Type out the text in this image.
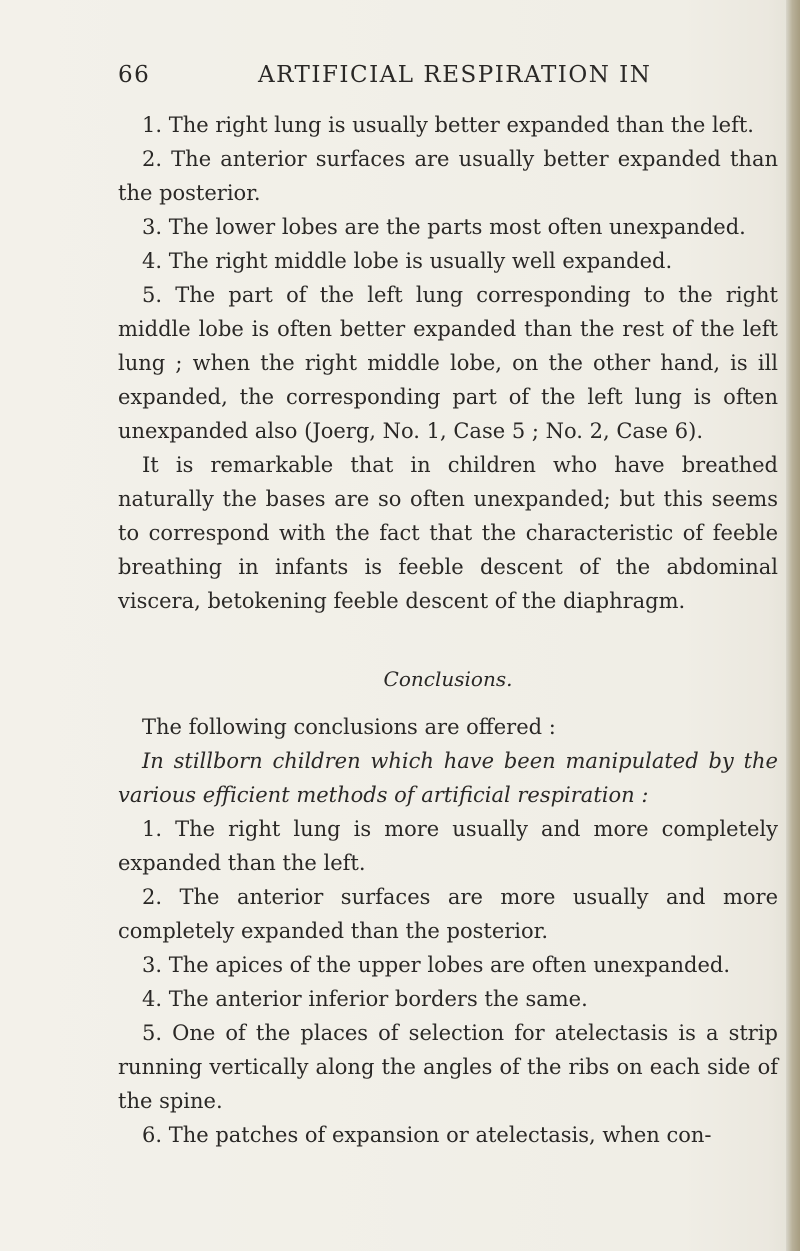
66	ARTIFICIAL RESPIRATION IN

1. The right lung is usually better expanded than the left.

2. The anterior surfaces are usually better expanded than the posterior.

3. The lower lobes are the parts most often unexpanded.

4. The right middle lobe is usually well expanded.

5. The part of the left lung corresponding to the right middle lobe is often better expanded than the rest of the left lung ; when the right middle lobe, on the other hand, is ill expanded, the corresponding part of the left lung is often unexpanded also (Joerg, No. 1, Case 5 ; No. 2, Case 6).

It is remarkable that in children who have breathed naturally the bases are so often unexpanded; but this seems to correspond with the fact that the characteristic of feeble breathing in infants is feeble descent of the abdominal viscera, betokening feeble descent of the diaphragm.

Conclusions.

The following conclusions are offered :

In stillborn children which have been manipulated by the various efficient methods of artificial respiration :

1. The right lung is more usually and more completely expanded than the left.

2. The anterior surfaces are more usually and more completely expanded than the posterior.

3. The apices of the upper lobes are often unexpanded.

4. The anterior inferior borders the same.

5. One of the places of selection for atelectasis is a strip running vertically along the angles of the ribs on each side of the spine.

6. The patches of expansion or atelectasis, when con-
